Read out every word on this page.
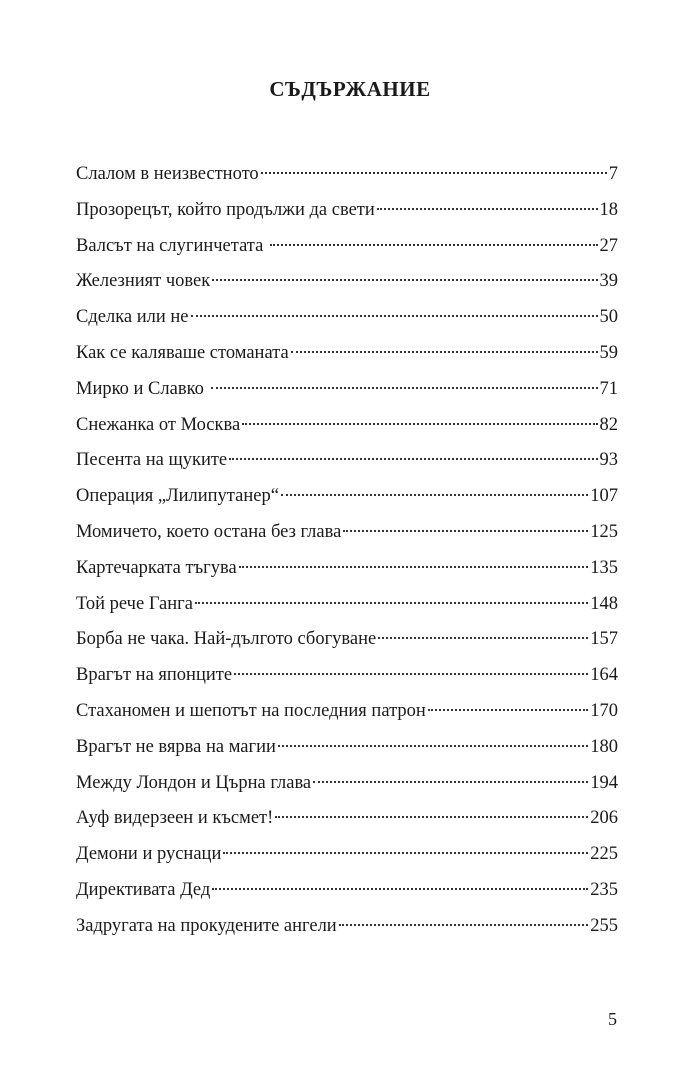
СЪДЪРЖАНИЕ
Слалом в неизвестното	7
Прозорецът, който продължи да свети	18
Валсът на слугинчетата	27
Железният човек	39
Сделка или не	50
Как се каляваше стоманата	59
Мирко и Славко	71
Снежанка от Москва	82
Песента на щуките	93
Операция „Лилипутанер“	107
Момичето, което остана без глава	125
Картечарката тъгува	135
Той рече Ганга	148
Борба не чака. Най-дългото сбогуване	157
Врагът на японците	164
Стаханомен и шепотът на последния патрон	170
Врагът не вярва на магии	180
Между Лондон и Църна глава	194
Ауф видерзеен и късмет!	206
Демони и руснаци	225
Директивата Дед	235
Задругата на прокудените ангели	255
5
